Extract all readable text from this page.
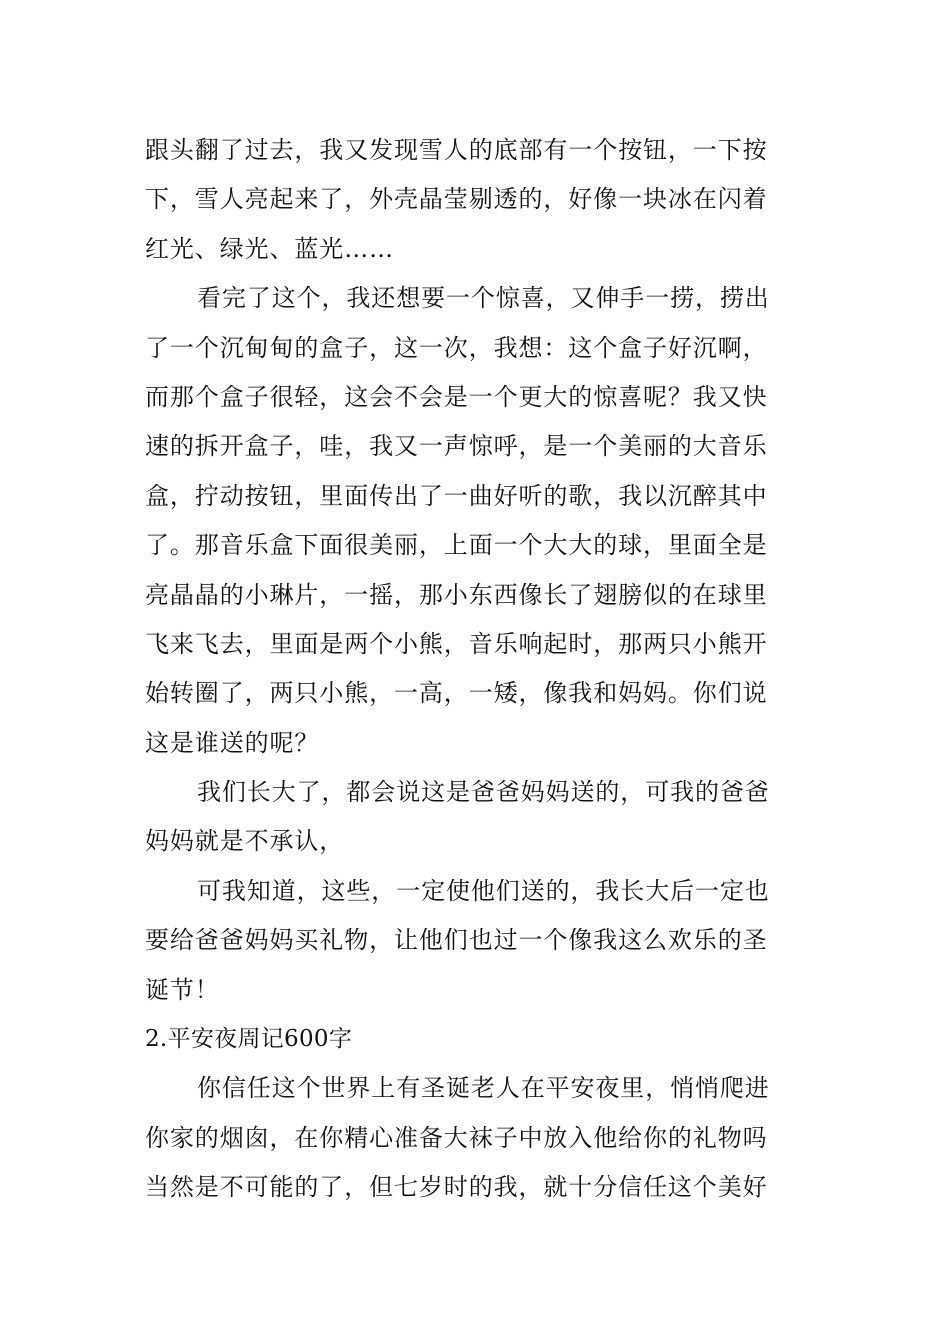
跟头翻了过去，我又发现雪人的底部有一个按钮，一下按
下，雪人亮起来了，外壳晶莹剔透的，好像一块冰在闪着
红光、绿光、蓝光……
看完了这个，我还想要一个惊喜，又伸手一捞，捞出
了一个沉甸甸的盒子，这一次，我想：这个盒子好沉啊，
而那个盒子很轻，这会不会是一个更大的惊喜呢？我又快
速的拆开盒子，哇，我又一声惊呼，是一个美丽的大音乐
盒，拧动按钮，里面传出了一曲好听的歌，我以沉醉其中
了。那音乐盒下面很美丽，上面一个大大的球，里面全是
亮晶晶的小琳片，一摇，那小东西像长了翅膀似的在球里
飞来飞去，里面是两个小熊，音乐响起时，那两只小熊开
始转圈了，两只小熊，一高，一矮，像我和妈妈。你们说
这是谁送的呢？
我们长大了，都会说这是爸爸妈妈送的，可我的爸爸
妈妈就是不承认，
可我知道，这些，一定使他们送的，我长大后一定也
要给爸爸妈妈买礼物，让他们也过一个像我这么欢乐的圣
诞节！
2.平安夜周记600字
你信任这个世界上有圣诞老人在平安夜里，悄悄爬进
你家的烟囱，在你精心准备大袜子中放入他给你的礼物吗
当然是不可能的了，但七岁时的我，就十分信任这个美好
